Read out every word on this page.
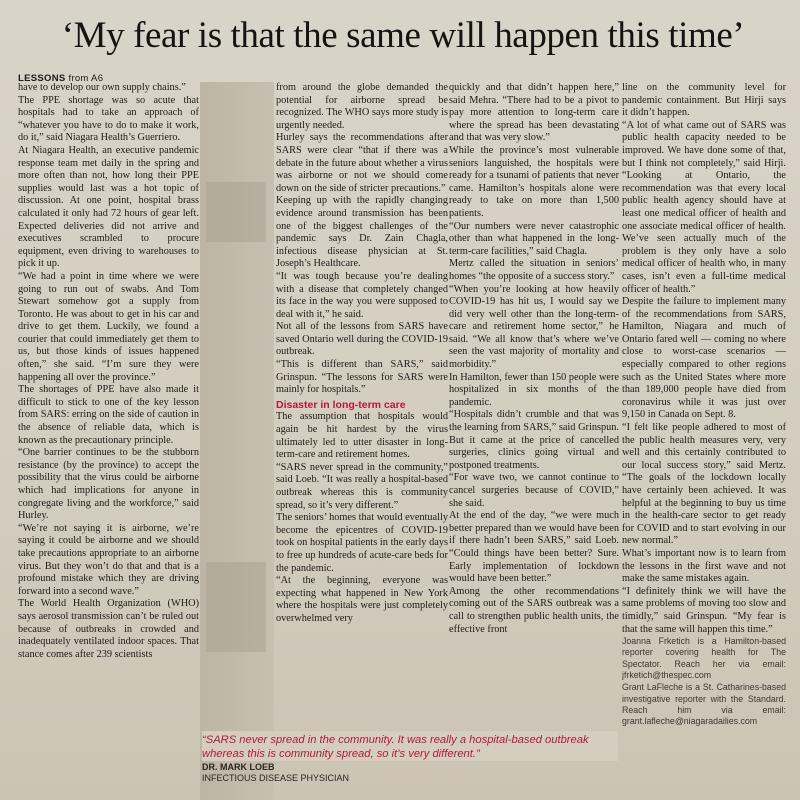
‘My fear is that the same will happen this time’
LESSONS from A6

have to develop our own supply chains.”

The PPE shortage was so acute that hospitals had to take an approach of “whatever you have to do to make it work, do it,” said Niagara Health’s Guerriero.

At Niagara Health, an executive pandemic response team met daily in the spring and more often than not, how long their PPE supplies would last was a hot topic of discussion. At one point, hospital brass calculated it only had 72 hours of gear left. Expected deliveries did not arrive and executives scrambled to procure equipment, even driving to warehouses to pick it up.

“We had a point in time where we were going to run out of swabs. And Tom Stewart somehow got a supply from Toronto. He was about to get in his car and drive to get them. Luckily, we found a courier that could immediately get them to us, but those kinds of issues happened often,” she said. “I’m sure they were happening all over the province.”

The shortages of PPE have also made it difficult to stick to one of the key lesson from SARS: erring on the side of caution in the absence of reliable data, which is known as the precautionary principle.

“One barrier continues to be the stubborn resistance (by the province) to accept the possibility that the virus could be airborne which had implications for anyone in congregate living and the workforce,” said Hurley.

“We’re not saying it is airborne, we’re saying it could be airborne and we should take precautions appropriate to an airborne virus. But they won’t do that and that is a profound mistake which they are driving forward into a second wave.”

The World Health Organization (WHO) says aerosol transmission can’t be ruled out because of outbreaks in crowded and inadequately ventilated indoor spaces. That stance comes after 239 scientists

from around the globe demanded the potential for airborne spread be recognized. The WHO says more study is urgently needed.

Hurley says the recommendations after SARS were clear “that if there was a debate in the future about whether a virus was airborne or not we should come down on the side of stricter precautions.”

Keeping up with the rapidly changing evidence around transmission has been one of the biggest challenges of the pandemic says Dr. Zain Chagla, infectious disease physician at St. Joseph’s Healthcare.

“It was tough because you’re dealing with a disease that completely changed its face in the way you were supposed to deal with it,” he said.

Not all of the lessons from SARS have saved Ontario well during the COVID-19 outbreak.

“This is different than SARS,” said Grinspun. “The lessons for SARS were mainly for hospitals.”

Disaster in long-term care

The assumption that hospitals would again be hit hardest by the virus ultimately led to utter disaster in long-term-care and retirement homes.

“SARS never spread in the community,” said Loeb. “It was really a hospital-based outbreak whereas this is community spread, so it’s very different.”

The seniors’ homes that would eventually become the epicentres of COVID-19 took on hospital patients in the early days to free up hundreds of acute-care beds for the pandemic.

“At the beginning, everyone was expecting what happened in New York where the hospitals were just completely overwhelmed very

quickly and that didn’t happen here,” said Mehra. “There had to be a pivot to pay more attention to long-term care where the spread has been devastating and that was very slow.”

While the province’s most vulnerable seniors languished, the hospitals were ready for a tsunami of patients that never came. Hamilton’s hospitals alone were ready to take on more than 1,500 patients.

“Our numbers were never catastrophic other than what happened in the long-term-care facilities,” said Chagla.

Mertz called the situation in seniors’ homes “the opposite of a success story.”

“When you’re looking at how heavily COVID-19 has hit us, I would say we did very well other than the long-term-care and retirement home sector,” he said. “We all know that’s where we’ve seen the vast majority of mortality and morbidity.”

In Hamilton, fewer than 150 people were hospitalized in six months of the pandemic.

“Hospitals didn’t crumble and that was the learning from SARS,” said Grinspun. But it came at the price of cancelled surgeries, clinics going virtual and postponed treatments.

“For wave two, we cannot continue to cancel surgeries because of COVID,” she said.

At the end of the day, “we were much better prepared than we would have been if there hadn’t been SARS,” said Loeb. “Could things have been better? Sure. Early implementation of lockdown would have been better.”

Among the other recommendations coming out of the SARS outbreak was a call to strengthen public health units, the effective front

line on the community level for pandemic containment. But Hirji says it didn’t happen.

“A lot of what came out of SARS was public health capacity needed to be improved. We have done some of that, but I think not completely,” said Hirji. “Looking at Ontario, the recommendation was that every local public health agency should have at least one medical officer of health and one associate medical officer of health. We’ve seen actually much of the problem is they only have a solo medical officer of health who, in many cases, isn’t even a full-time medical officer of health.”

Despite the failure to implement many of the recommendations from SARS, Hamilton, Niagara and much of Ontario fared well — coming no where close to worst-case scenarios — especially compared to other regions such as the United States where more than 189,000 people have died from coronavirus while it was just over 9,150 in Canada on Sept. 8.

“I felt like people adhered to most of the public health measures very, very well and this certainly contributed to our local success story,” said Mertz. “The goals of the lockdown locally have certainly been achieved. It was helpful at the beginning to buy us time in the health-care sector to get ready for COVID and to start evolving in our new normal.”

What’s important now is to learn from the lessons in the first wave and not make the same mistakes again.

“I definitely think we will have the same problems of moving too slow and timidly,” said Grinspun. “My fear is that the same will happen this time.”

Joanna Frketich is a Hamilton-based reporter covering health for The Spectator. Reach her via email: jfrketich@thespec.com

Grant LaFleche is a St. Catharines-based investigative reporter with the Standard. Reach him via email: grant.lafleche@niagaradailies.com

“SARS never spread in the community. It was really a hospital-based outbreak whereas this is community spread, so it’s very different.”
DR. MARK LOEB
INFECTIOUS DISEASE PHYSICIAN
